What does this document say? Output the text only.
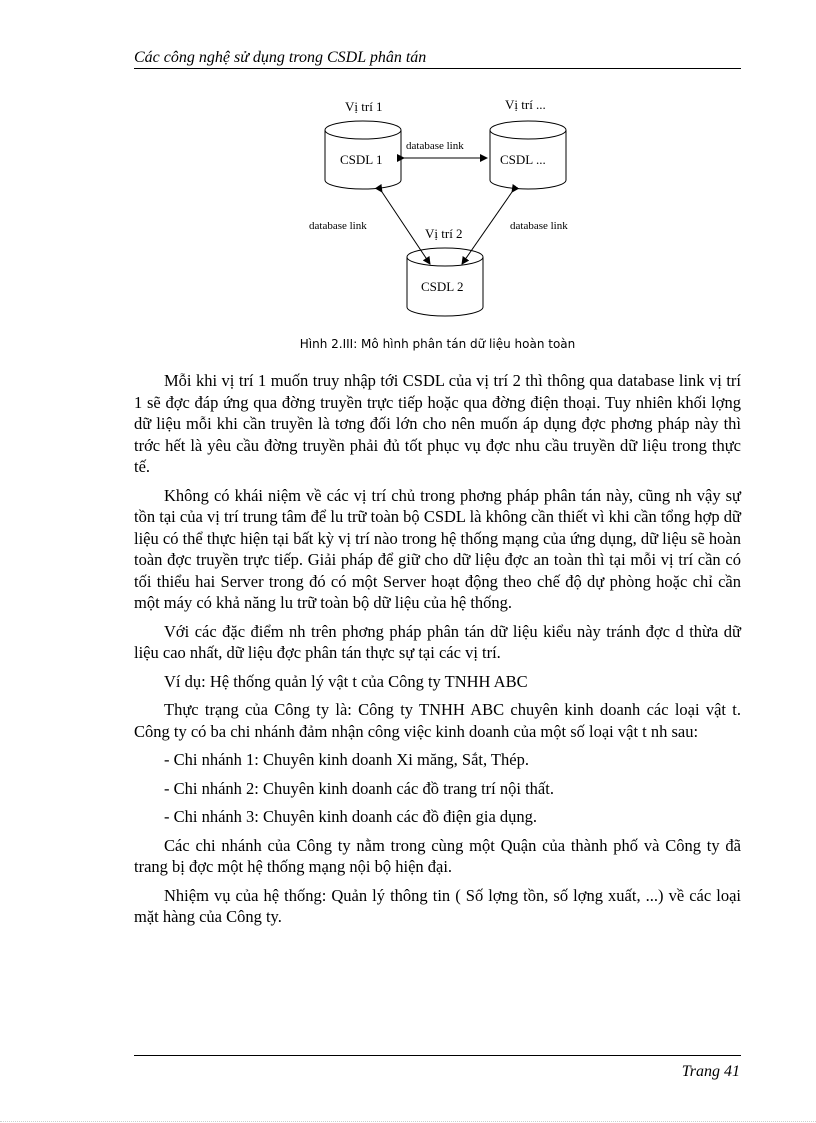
Các công nghệ sử dụng trong CSDL phân tán
Vị trí 1	Vị trí ...
Vị trí 2
CSDL 1	CSDL ...
CSDL 2
database link
database link	database link
Hình 2.III: Mô hình phân tán dữ liệu hoàn toàn

Mỗi khi vị trí 1 muốn truy nhập tới CSDL của vị trí 2 thì thông qua database link vị trí 1 sẽ đợc đáp ứng qua đờng truyền trực tiếp hoặc qua đờng điện thoại. Tuy nhiên khối lợng dữ liệu mỗi khi cần truyền là tơng đối lớn cho nên muốn áp dụng đợc phơng pháp này thì trớc hết là yêu cầu đờng truyền phải đủ tốt phục vụ đợc nhu cầu truyền dữ liệu trong thực tế.

Không có khái niệm về các vị trí chủ trong phơng pháp phân tán này, cũng nh vậy sự tồn tại của vị trí trung tâm để lu trữ toàn bộ CSDL là không cần thiết vì khi cần tổng hợp dữ liệu có thể thực hiện tại bất kỳ vị trí nào trong hệ thống mạng của ứng dụng, dữ liệu sẽ hoàn toàn đợc truyền trực tiếp. Giải pháp để giữ cho dữ liệu đợc an toàn thì tại mỗi vị trí cần có tối thiểu hai Server trong đó có một Server hoạt động theo chế độ dự phòng hoặc chỉ cần một máy có khả năng lu trữ toàn bộ dữ liệu của hệ thống.

Với các đặc điểm nh trên phơng pháp phân tán dữ liệu kiểu này tránh đợc d thừa dữ liệu cao nhất, dữ liệu đợc phân tán thực sự tại các vị trí.

Ví dụ: Hệ thống quản lý vật t của Công ty TNHH ABC

Thực trạng của Công ty là: Công ty TNHH ABC chuyên kinh doanh các loại vật t. Công ty có ba chi nhánh đảm nhận công việc kinh doanh của một số loại vật t nh sau:

- Chi nhánh 1: Chuyên kinh doanh Xi măng, Sắt, Thép.

- Chi nhánh 2: Chuyên kinh doanh các đồ trang trí nội thất.

- Chi nhánh 3: Chuyên kinh doanh các đồ điện gia dụng.

Các chi nhánh của Công ty nằm trong cùng một Quận của thành phố và Công ty đã trang bị đợc một hệ thống mạng nội bộ hiện đại.

Nhiệm vụ của hệ thống: Quản lý thông tin ( Số lợng tồn, số lợng xuất, ...) về các loại mặt hàng của Công ty.

Trang 41
